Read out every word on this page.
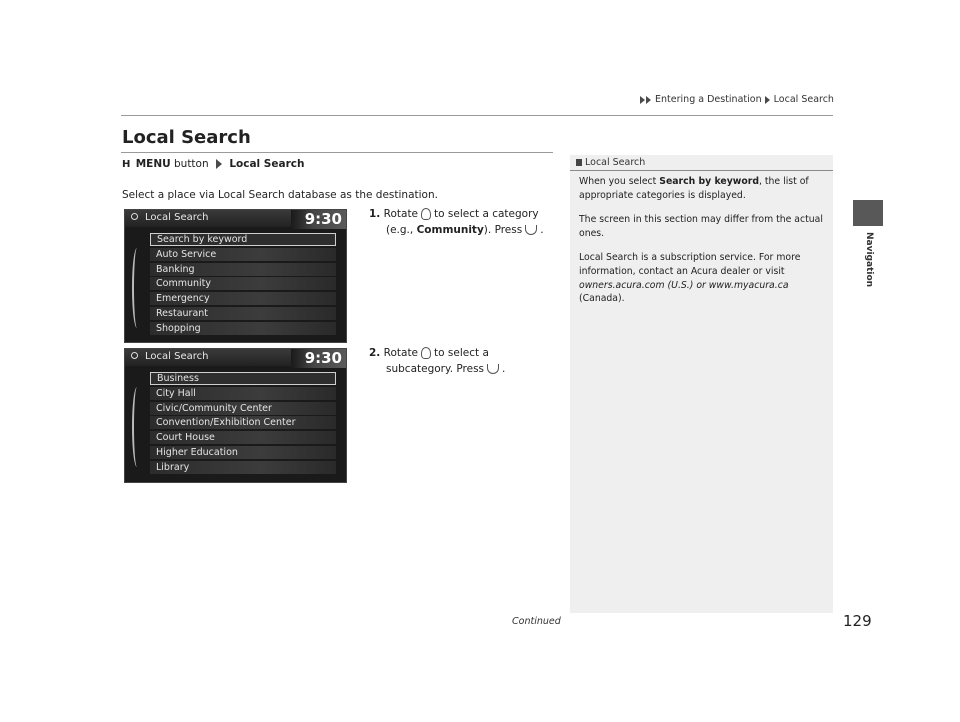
Entering a Destination Local Search
Navigation
Local Search
H MENU button Local Search
Select a place via Local Search database as the destination.
1. Rotate to select a category
(e.g., Community). Press .
2. Rotate to select a
subcategory. Press .
Local Search	9:30
Search by keyword
Auto Service
Banking
Community
Emergency
Restaurant
Shopping
Local Search	9:30
Business
City Hall
Civic/Community Center
Convention/Exhibition Center
Court House
Higher Education
Library
Local Search

When you select Search by keyword, the list of appropriate categories is displayed.

The screen in this section may differ from the actual ones.

Local Search is a subscription service. For more information, contact an Acura dealer or visit
owners.acura.com (U.S.) or www.myacura.ca
(Canada).

Continued	129
